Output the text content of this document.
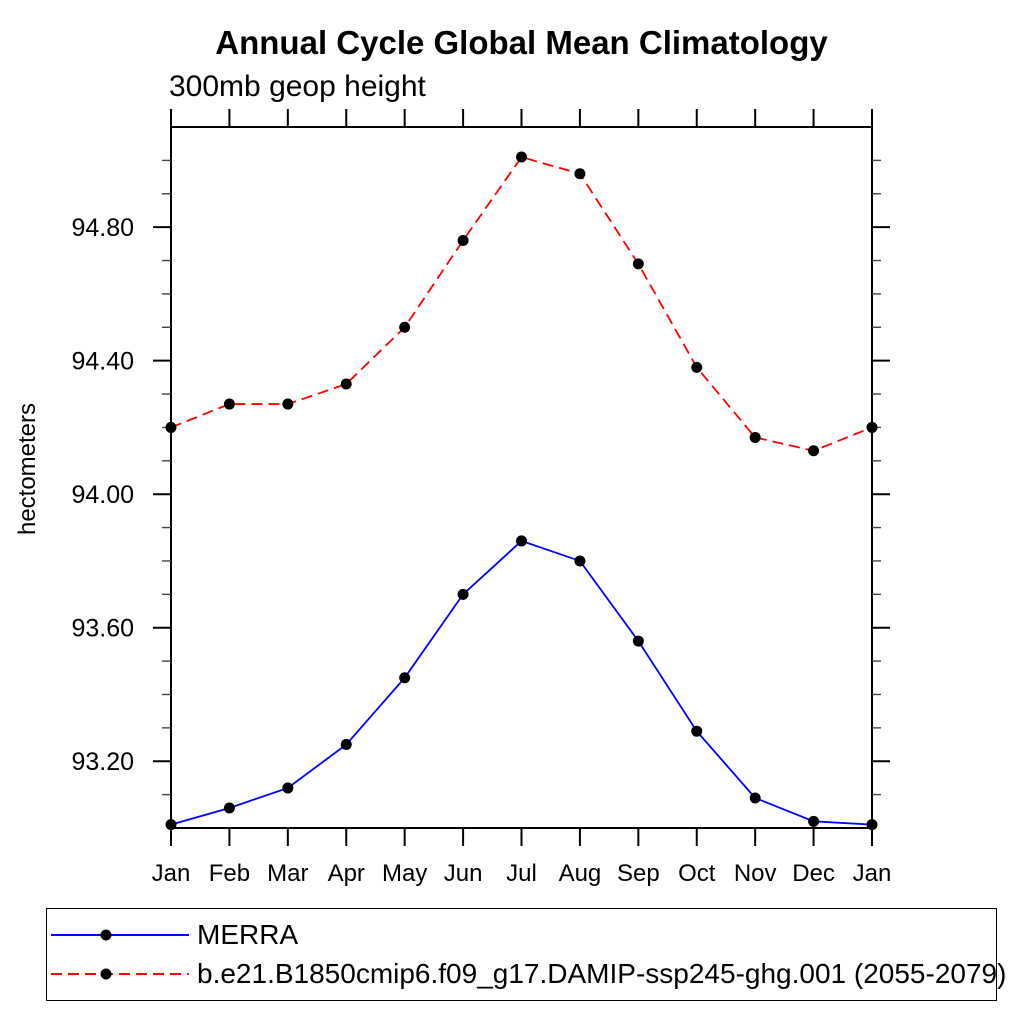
Annual Cycle Global Mean Climatology
300mb geop height
hectometers
Jan Feb Mar Apr May Jun Jul Aug Sep Oct Nov Dec Jan
93.20
93.60
94.00
94.40
94.80
MERRA
b.e21.B1850cmip6.f09_g17.DAMIP-ssp245-ghg.001 (2055-2079)
